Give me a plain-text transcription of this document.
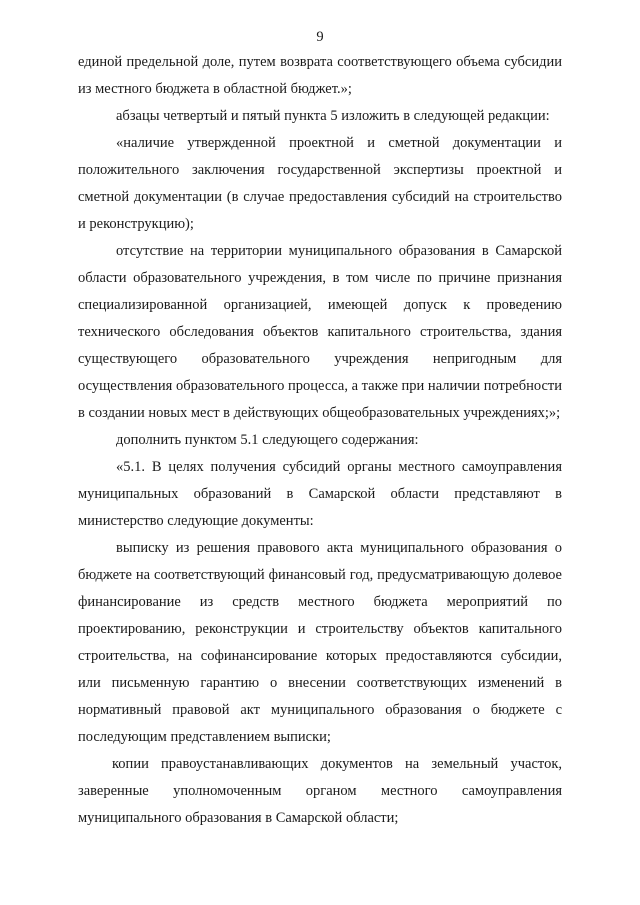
9

единой предельной доле, путем возврата соответствующего объема субсидии из местного бюджета в областной бюджет.»;

абзацы четвертый и пятый пункта 5 изложить в следующей редакции:

«наличие утвержденной проектной и сметной документации и положительного заключения государственной экспертизы проектной и сметной документации (в случае предоставления субсидий на строительство и реконструкцию);

отсутствие на территории муниципального образования в Самарской области образовательного учреждения, в том числе по причине признания специализированной организацией, имеющей допуск к проведению технического обследования объектов капитального строительства, здания существующего образовательного учреждения непригодным для осуществления образовательного процесса, а также при наличии потребности в создании новых мест в действующих общеобразовательных учреждениях;»;

дополнить пунктом 5.1 следующего содержания:

«5.1. В целях получения субсидий органы местного самоуправления муниципальных образований в Самарской области представляют в министерство следующие документы:

выписку из решения правового акта муниципального образования о бюджете на соответствующий финансовый год, предусматривающую долевое финансирование из средств местного бюджета мероприятий по проектированию, реконструкции и строительству объектов капитального строительства, на софинансирование которых предоставляются субсидии, или письменную гарантию о внесении соответствующих изменений в нормативный правовой акт муниципального образования о бюджете с последующим представлением выписки;

копии правоустанавливающих документов на земельный участок, заверенные уполномоченным органом местного самоуправления муниципального образования в Самарской области;
